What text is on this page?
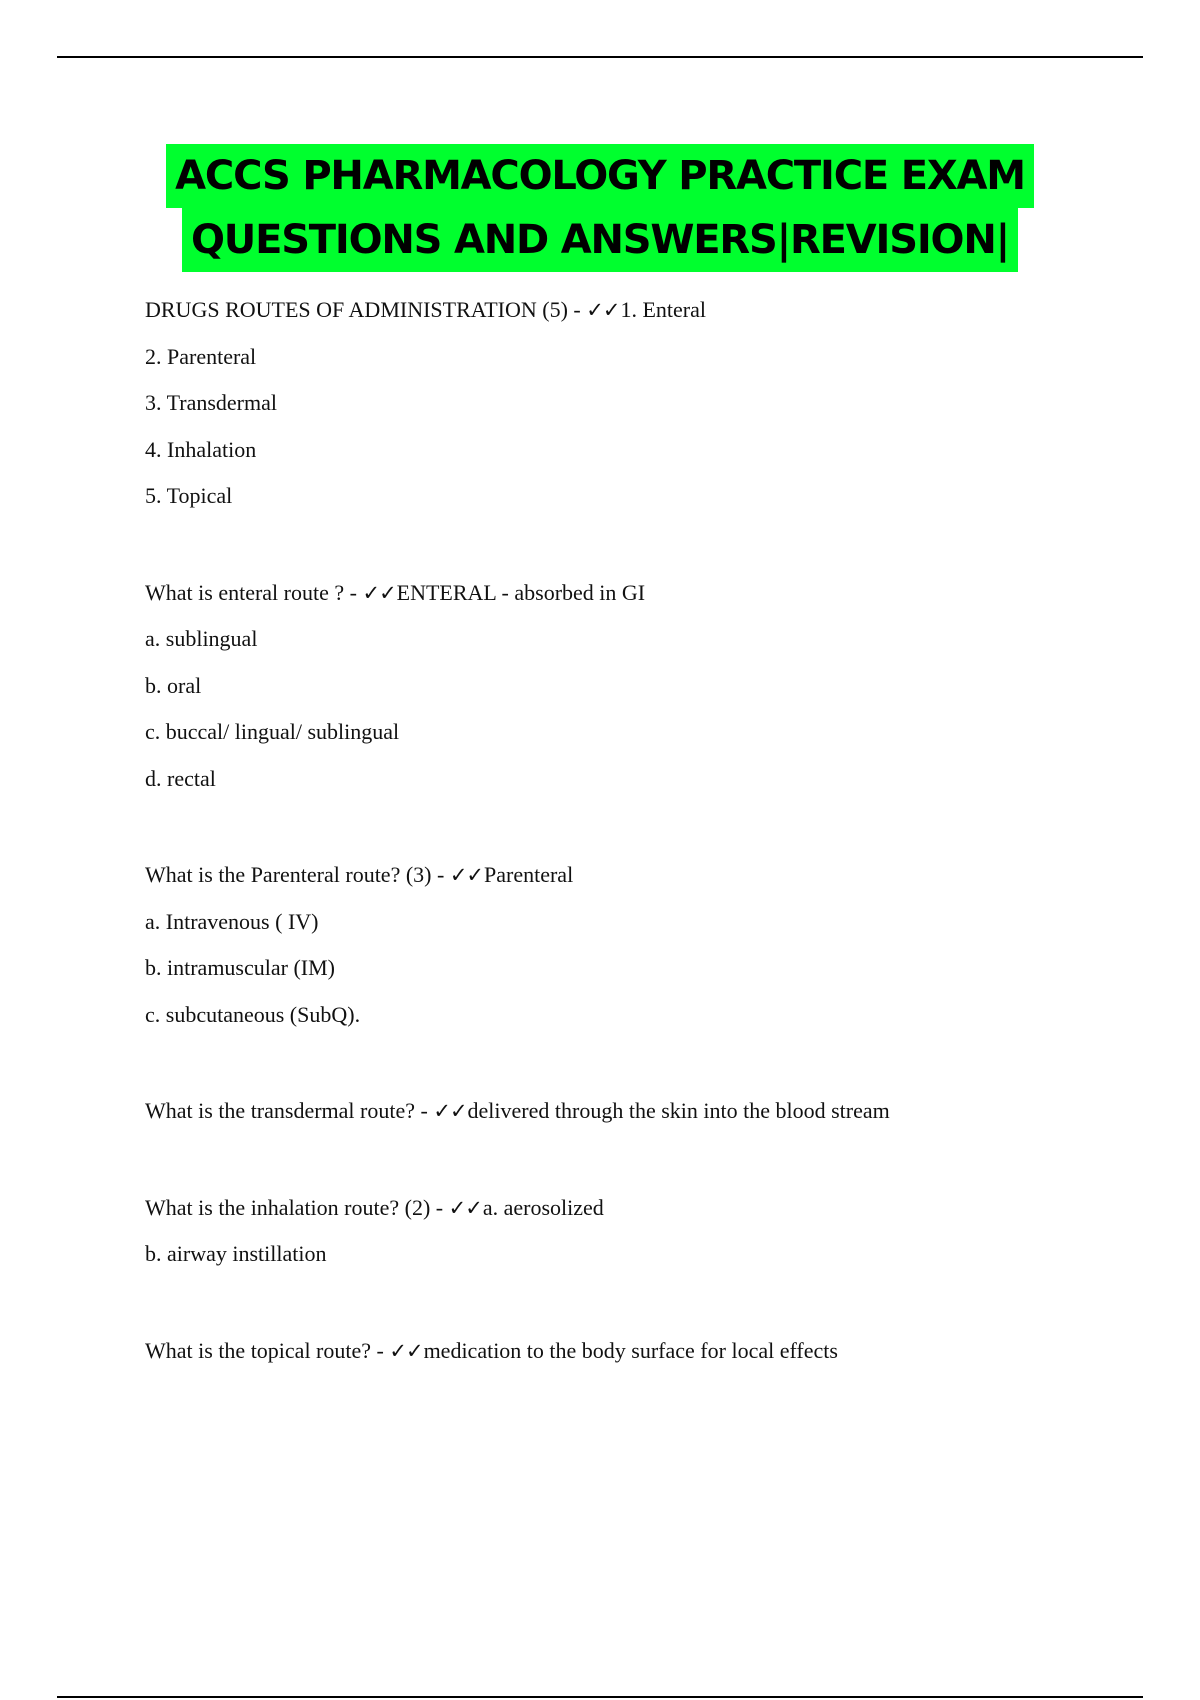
ACCS PHARMACOLOGY PRACTICE EXAM
QUESTIONS AND ANSWERS|REVISION|
DRUGS ROUTES OF ADMINISTRATION (5) - ✓✓1. Enteral
2. Parenteral
3. Transdermal
4. Inhalation
5. Topical
What is enteral route ? - ✓✓ENTERAL - absorbed in GI
a. sublingual
b. oral
c. buccal/ lingual/ sublingual
d. rectal
What is the Parenteral route? (3) - ✓✓Parenteral
a. Intravenous ( IV)
b. intramuscular (IM)
c. subcutaneous (SubQ).
What is the transdermal route? - ✓✓delivered through the skin into the blood stream
What is the inhalation route? (2) - ✓✓a. aerosolized
b. airway instillation
What is the topical route? - ✓✓medication to the body surface for local effects
